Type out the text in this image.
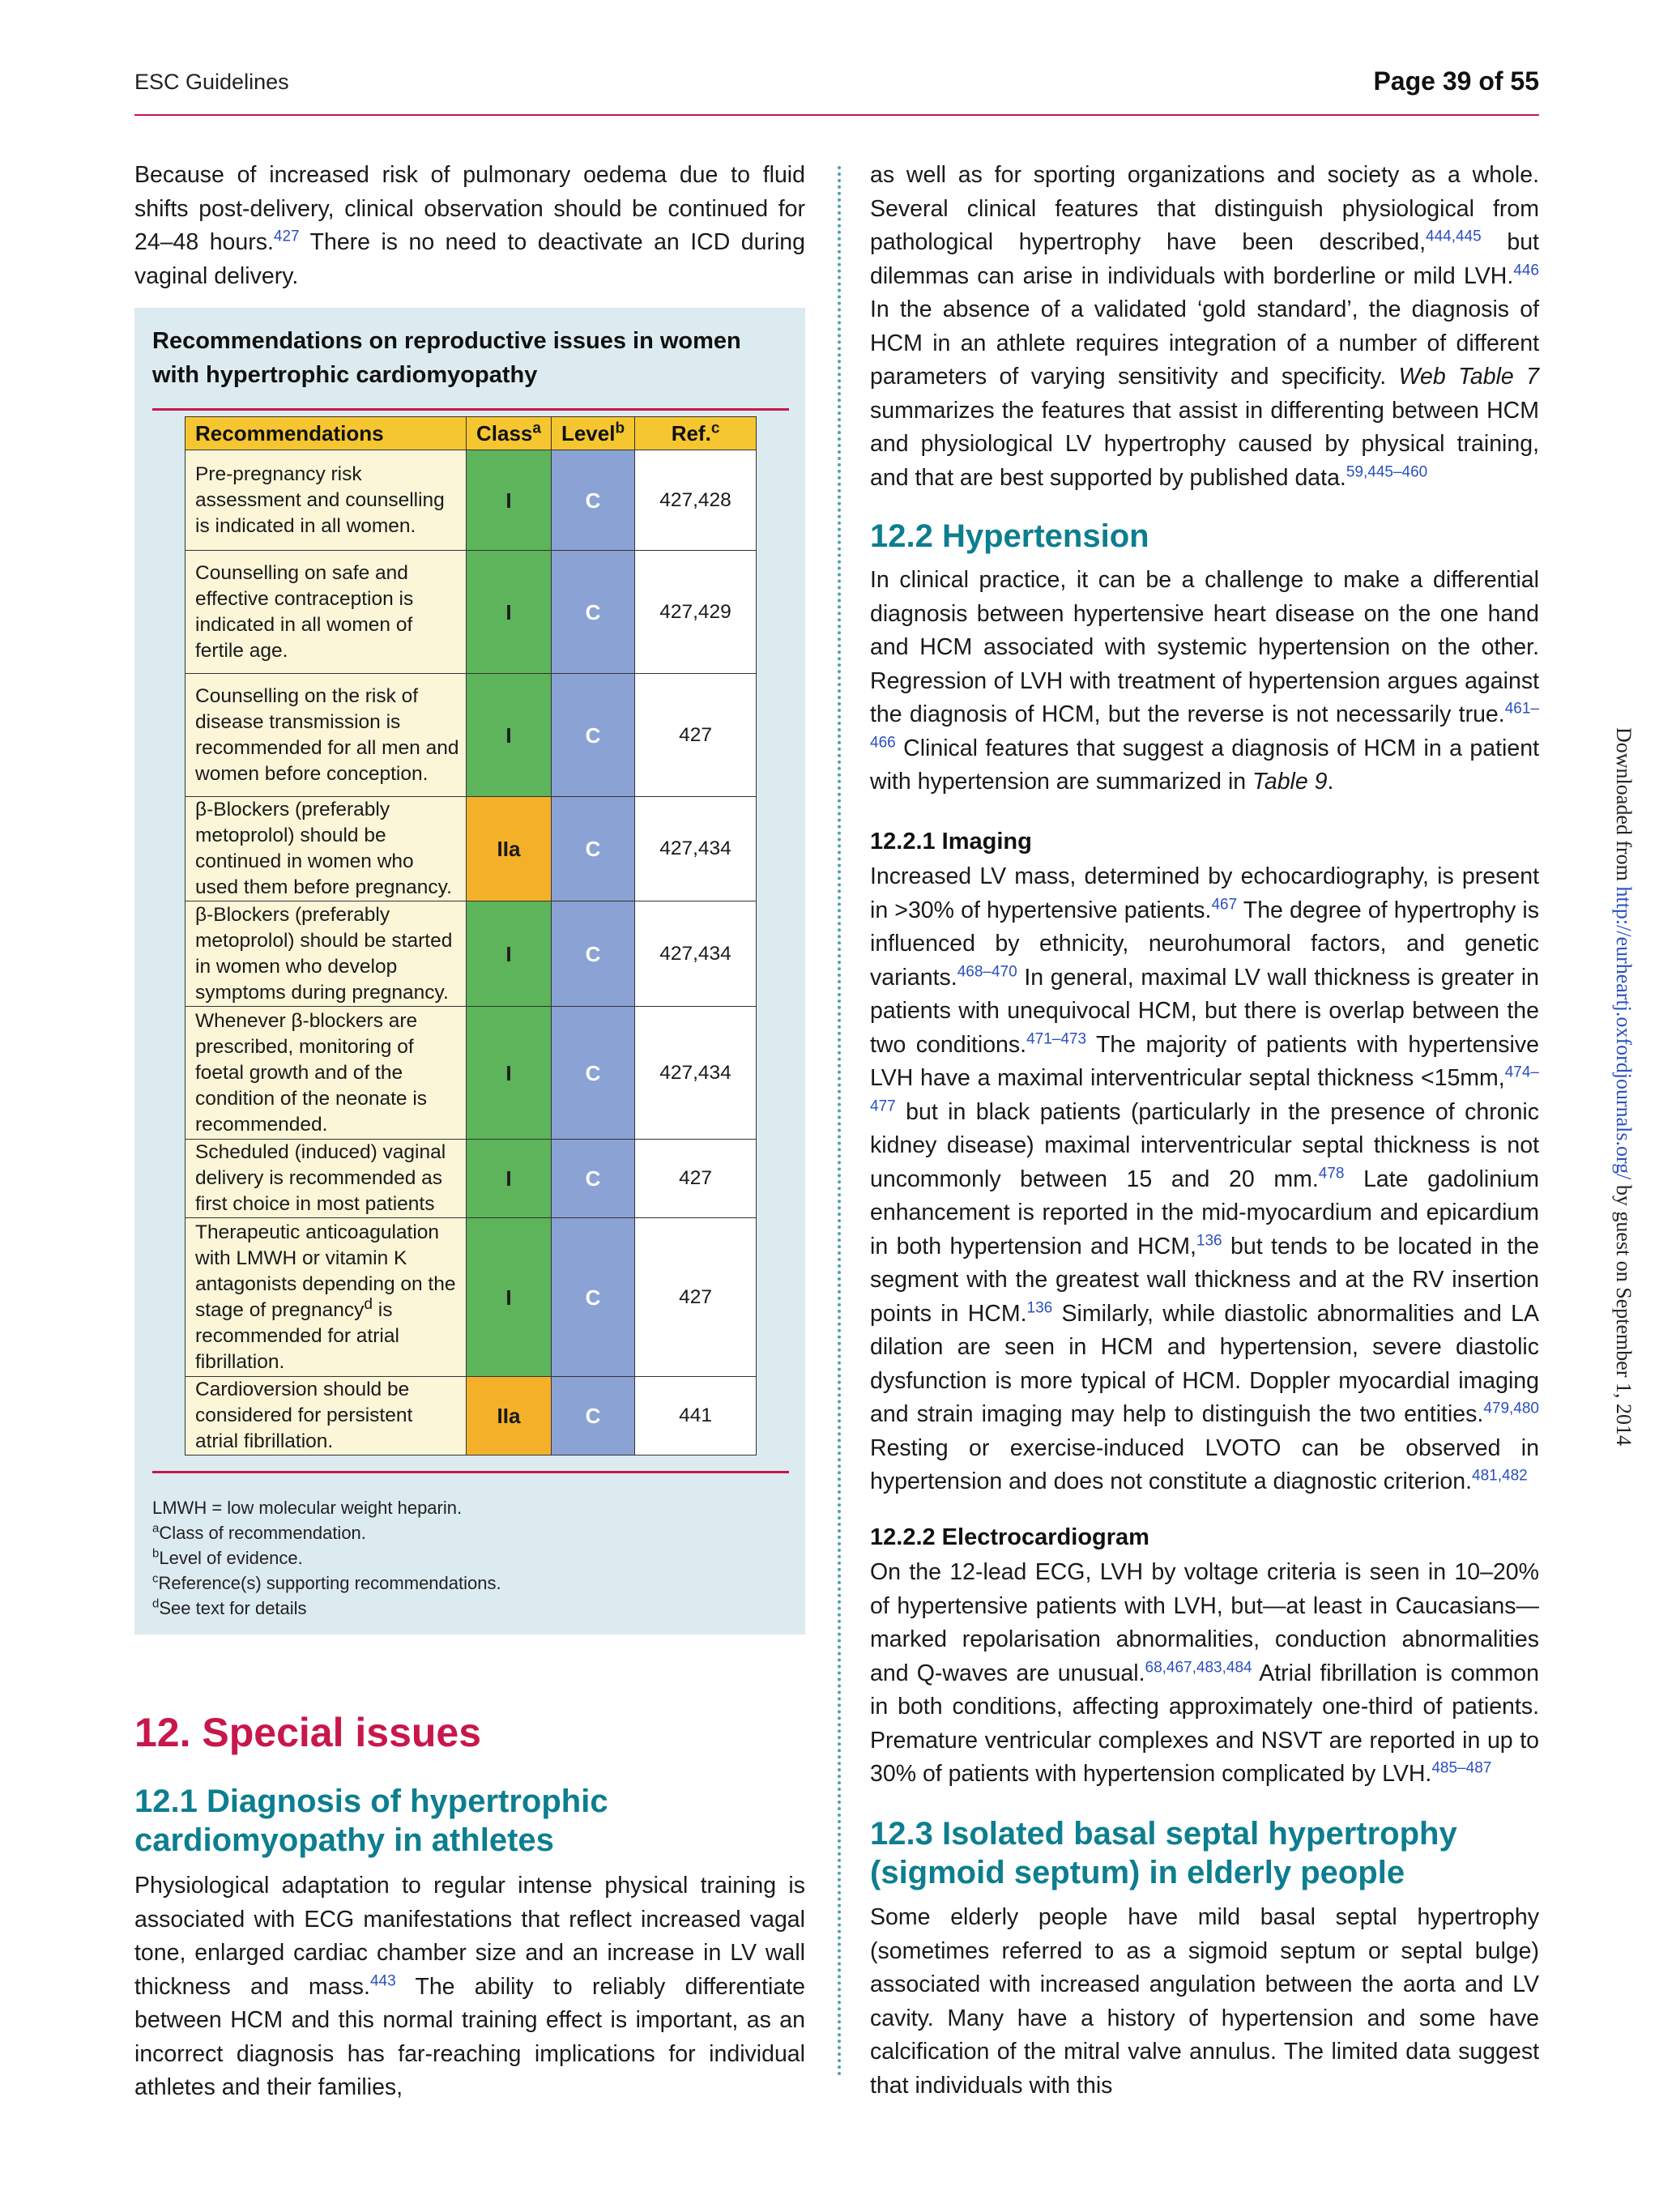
ESC Guidelines	Page 39 of 55

Because of increased risk of pulmonary oedema due to fluid shifts post-delivery, clinical observation should be continued for 24–48 hours.$^{427}$ There is no need to deactivate an ICD during vaginal delivery.

Recommendations on reproductive issues in women with hypertrophic cardiomyopathy
Recommendations	Class$^a$	Level$^b$	Ref.$^c$
Pre-pregnancy risk assessment and counselling is indicated in all women.	I	C	427,428
Counselling on safe and effective contraception is indicated in all women of fertile age.	I	C	427,429
Counselling on the risk of disease transmission is recommended for all men and women before conception.	I	C	427
β-Blockers (preferably metoprolol) should be continued in women who used them before pregnancy.	IIa	C	427,434
β-Blockers (preferably metoprolol) should be started in women who develop symptoms during pregnancy.	I	C	427,434
Whenever β-blockers are prescribed, monitoring of foetal growth and of the condition of the neonate is recommended.	I	C	427,434
Scheduled (induced) vaginal delivery is recommended as first choice in most patients	I	C	427
Therapeutic anticoagulation with LMWH or vitamin K antagonists depending on the stage of pregnancy$^d$ is recommended for atrial fibrillation.	I	C	427
Cardioversion should be considered for persistent atrial fibrillation.	IIa	C	441
LMWH = low molecular weight heparin.
$^a$Class of recommendation.
$^b$Level of evidence.
$^c$Reference(s) supporting recommendations.
$^d$See text for details
12. Special issues
12.1 Diagnosis of hypertrophic cardiomyopathy in athletes

Physiological adaptation to regular intense physical training is associated with ECG manifestations that reflect increased vagal tone, enlarged cardiac chamber size and an increase in LV wall thickness and mass.$^{443}$ The ability to reliably differentiate between HCM and this normal training effect is important, as an incorrect diagnosis has far-reaching implications for individual athletes and their families,

as well as for sporting organizations and society as a whole. Several clinical features that distinguish physiological from pathological hypertrophy have been described,$^{444,445}$ but dilemmas can arise in individuals with borderline or mild LVH.$^{446}$ In the absence of a validated ‘gold standard’, the diagnosis of HCM in an athlete requires integration of a number of different parameters of varying sensitivity and specificity. Web Table 7 summarizes the features that assist in differenting between HCM and physiological LV hypertrophy caused by physical training, and that are best supported by published data.$^{59,445-460}$

12.2 Hypertension

In clinical practice, it can be a challenge to make a differential diagnosis between hypertensive heart disease on the one hand and HCM associated with systemic hypertension on the other. Regression of LVH with treatment of hypertension argues against the diagnosis of HCM, but the reverse is not necessarily true.$^{461-466}$ Clinical features that suggest a diagnosis of HCM in a patient with hypertension are summarized in Table 9.

12.2.1 Imaging

Increased LV mass, determined by echocardiography, is present in >30% of hypertensive patients.$^{467}$ The degree of hypertrophy is influenced by ethnicity, neurohumoral factors, and genetic variants.$^{468-470}$ In general, maximal LV wall thickness is greater in patients with unequivocal HCM, but there is overlap between the two conditions.$^{471-473}$ The majority of patients with hypertensive LVH have a maximal interventricular septal thickness <15mm,$^{474-477}$ but in black patients (particularly in the presence of chronic kidney disease) maximal interventricular septal thickness is not uncommonly between 15 and 20 mm.$^{478}$ Late gadolinium enhancement is reported in the mid-myocardium and epicardium in both hypertension and HCM,$^{136}$ but tends to be located in the segment with the greatest wall thickness and at the RV insertion points in HCM.$^{136}$ Similarly, while diastolic abnormalities and LA dilation are seen in HCM and hypertension, severe diastolic dysfunction is more typical of HCM. Doppler myocardial imaging and strain imaging may help to distinguish the two entities.$^{479,480}$ Resting or exercise-induced LVOTO can be observed in hypertension and does not constitute a diagnostic criterion.$^{481,482}$

12.2.2 Electrocardiogram

On the 12-lead ECG, LVH by voltage criteria is seen in 10–20% of hypertensive patients with LVH, but—at least in Caucasians—marked repolarisation abnormalities, conduction abnormalities and Q-waves are unusual.$^{68,467,483,484}$ Atrial fibrillation is common in both conditions, affecting approximately one-third of patients. Premature ventricular complexes and NSVT are reported in up to 30% of patients with hypertension complicated by LVH.$^{485-487}$

12.3 Isolated basal septal hypertrophy (sigmoid septum) in elderly people

Some elderly people have mild basal septal hypertrophy (sometimes referred to as a sigmoid septum or septal bulge) associated with increased angulation between the aorta and LV cavity. Many have a history of hypertension and some have calcification of the mitral valve annulus. The limited data suggest that individuals with this

Downloaded from http://eurheartj.oxfordjournals.org/ by guest on September 1, 2014
